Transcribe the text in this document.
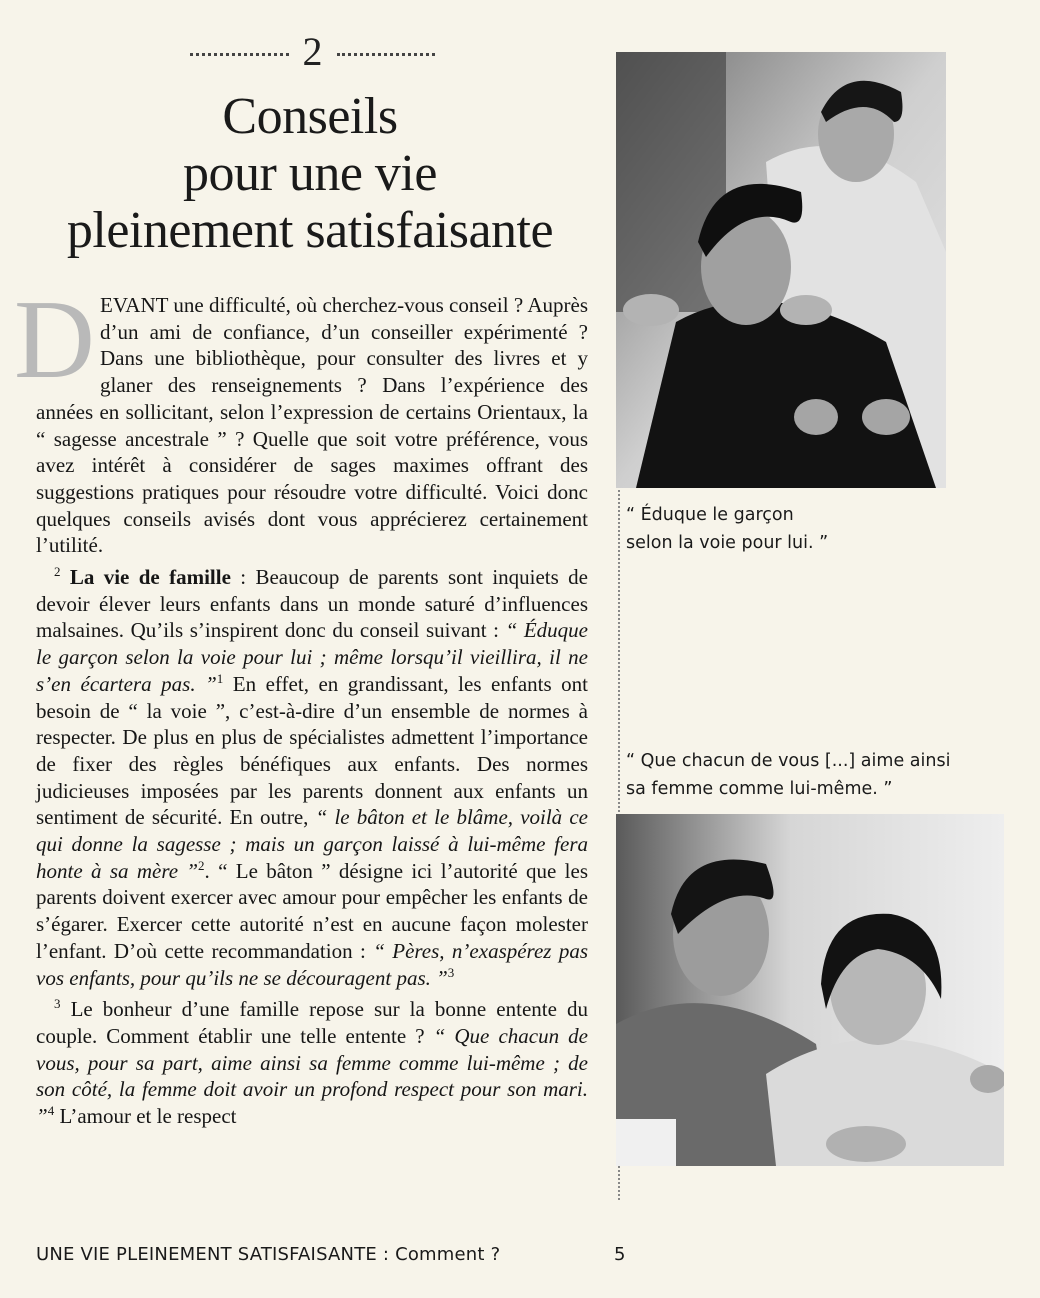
2
Conseils
pour une vie
pleinement satisfaisante

DEVANT une difficulté, où cherchez-vous conseil ? Auprès d’un ami de confiance, d’un conseiller expérimenté ? Dans une bibliothèque, pour consulter des livres et y glaner des renseignements ? Dans l’expérience des années en sollicitant, selon l’expression de certains Orientaux, la “ sagesse ancestrale ” ? Quelle que soit votre préférence, vous avez intérêt à considérer de sages maximes offrant des suggestions pratiques pour résoudre votre difficulté. Voici donc quelques conseils avisés dont vous apprécierez certainement l’utilité.

$^2$ La vie de famille : Beaucoup de parents sont inquiets de devoir élever leurs enfants dans un monde saturé d’influences malsaines. Qu’ils s’inspirent donc du conseil suivant : “ Éduque le garçon selon la voie pour lui ; même lorsqu’il vieillira, il ne s’en écartera pas. ”$^1$ En effet, en grandissant, les enfants ont besoin de “ la voie ”, c’est-à-dire d’un ensemble de normes à respecter. De plus en plus de spécialistes admettent l’importance de fixer des règles bénéfiques aux enfants. Des normes judicieuses imposées par les parents donnent aux enfants un sentiment de sécurité. En outre, “ le bâton et le blâme, voilà ce qui donne la sagesse ; mais un garçon laissé à lui-même fera honte à sa mère ”$^2$. “ Le bâton ” désigne ici l’autorité que les parents doivent exercer avec amour pour empêcher les enfants de s’égarer. Exercer cette autorité n’est en aucune façon molester l’enfant. D’où cette recommandation : “ Pères, n’exaspérez pas vos enfants, pour qu’ils ne se découragent pas. ”$^3$

$^3$ Le bonheur d’une famille repose sur la bonne entente du couple. Comment établir une telle entente ? “ Que chacun de vous, pour sa part, aime ainsi sa femme comme lui-même ; de son côté, la femme doit avoir un profond respect pour son mari. ”$^4$ L’amour et le respect

“ Éduque le garçon
selon la voie pour lui. ”
“ Que chacun de vous [...] aime ainsi
sa femme comme lui-même. ”
UNE VIE PLEINEMENT SATISFAISANTE : Comment ?	5
